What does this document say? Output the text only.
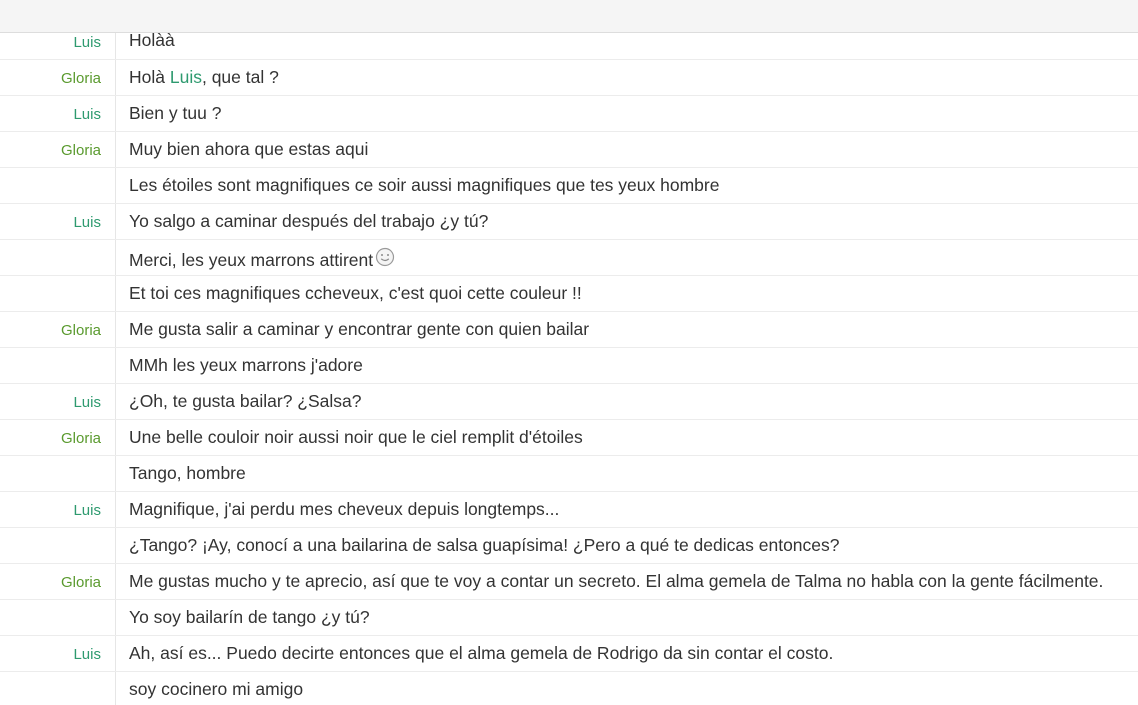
Luis Holàà
Gloria Holà Luis, que tal ?
Luis Bien y tuu ?
Gloria Muy bien ahora que estas aqui
Les étoiles sont magnifiques ce soir aussi magnifiques que tes yeux hombre
Luis Yo salgo a caminar después del trabajo ¿y tú?
Merci, les yeux marrons attirent
Et toi ces magnifiques ccheveux, c'est quoi cette couleur !!
Gloria Me gusta salir a caminar y encontrar gente con quien bailar
MMh les yeux marrons j'adore
Luis ¿Oh, te gusta bailar? ¿Salsa?
Gloria Une belle couloir noir aussi noir que le ciel remplit d'étoiles
Tango, hombre
Luis Magnifique, j'ai perdu mes cheveux depuis longtemps...
¿Tango? ¡Ay, conocí a una bailarina de salsa guapísima! ¿Pero a qué te dedicas entonces?
Gloria Me gustas mucho y te aprecio, así que te voy a contar un secreto. El alma gemela de Talma no habla con la gente fácilmente.
Yo soy bailarín de tango ¿y tú?
Luis Ah, así es... Puedo decirte entonces que el alma gemela de Rodrigo da sin contar el costo.
soy cocinero mi amigo
